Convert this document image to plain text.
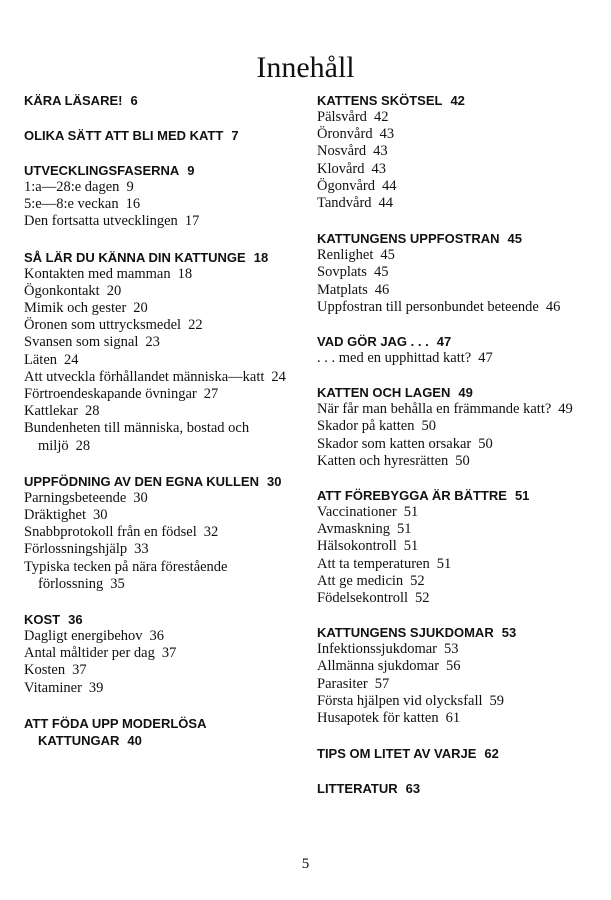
Innehåll
KÄRA LÄSARE! 6
OLIKA SÄTT ATT BLI MED KATT 7
UTVECKLINGSFASERNA 9
1:a—28:e dagen 9
5:e—8:e veckan 16
Den fortsatta utvecklingen 17
SÅ LÄR DU KÄNNA DIN KATTUNGE 18
Kontakten med mamman 18
Ögonkontakt 20
Mimik och gester 20
Öronen som uttrycksmedel 22
Svansen som signal 23
Läten 24
Att utveckla förhållandet människa—katt 24
Förtroendeskapande övningar 27
Kattlekar 28
Bundenheten till människa, bostad och miljö 28
UPPFÖDNING AV DEN EGNA KULLEN 30
Parningsbeteende 30
Dräktighet 30
Snabbprotokoll från en födsel 32
Förlossningshjälp 33
Typiska tecken på nära förestående förlossning 35
KOST 36
Dagligt energibehov 36
Antal måltider per dag 37
Kosten 37
Vitaminer 39
ATT FÖDA UPP MODERLÖSA KATTUNGAR 40
KATTENS SKÖTSEL 42
Pälsvård 42
Öronvård 43
Nosvård 43
Klovård 43
Ögonvård 44
Tandvård 44
KATTUNGENS UPPFOSTRAN 45
Renlighet 45
Sovplats 45
Matplats 46
Uppfostran till personbundet beteende 46
VAD GÖR JAG . . . 47
. . . med en upphittad katt? 47
KATTEN OCH LAGEN 49
När får man behålla en främmande katt? 49
Skador på katten 50
Skador som katten orsakar 50
Katten och hyresrätten 50
ATT FÖREBYGGA ÄR BÄTTRE 51
Vaccinationer 51
Avmaskning 51
Hälsokontroll 51
Att ta temperaturen 51
Att ge medicin 52
Födelsekontroll 52
KATTUNGENS SJUKDOMAR 53
Infektionssjukdomar 53
Allmänna sjukdomar 56
Parasiter 57
Första hjälpen vid olycksfall 59
Husapotek för katten 61
TIPS OM LITET AV VARJE 62
LITTERATUR 63
5
